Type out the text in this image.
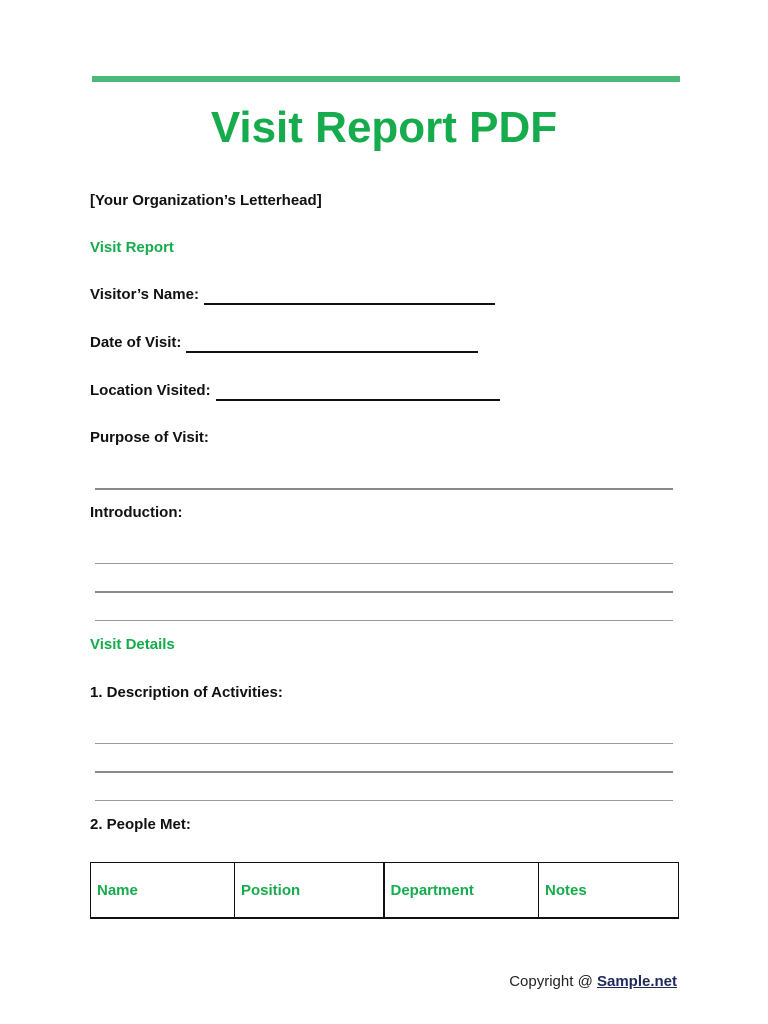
Visit Report PDF
[Your Organization’s Letterhead]
Visit Report
Visitor’s Name:
Date of Visit:
Location Visited:
Purpose of Visit:
Introduction:
Visit Details
1. Description of Activities:
2. People Met:
Name	Position	Department	Notes
Copyright @ Sample.net
